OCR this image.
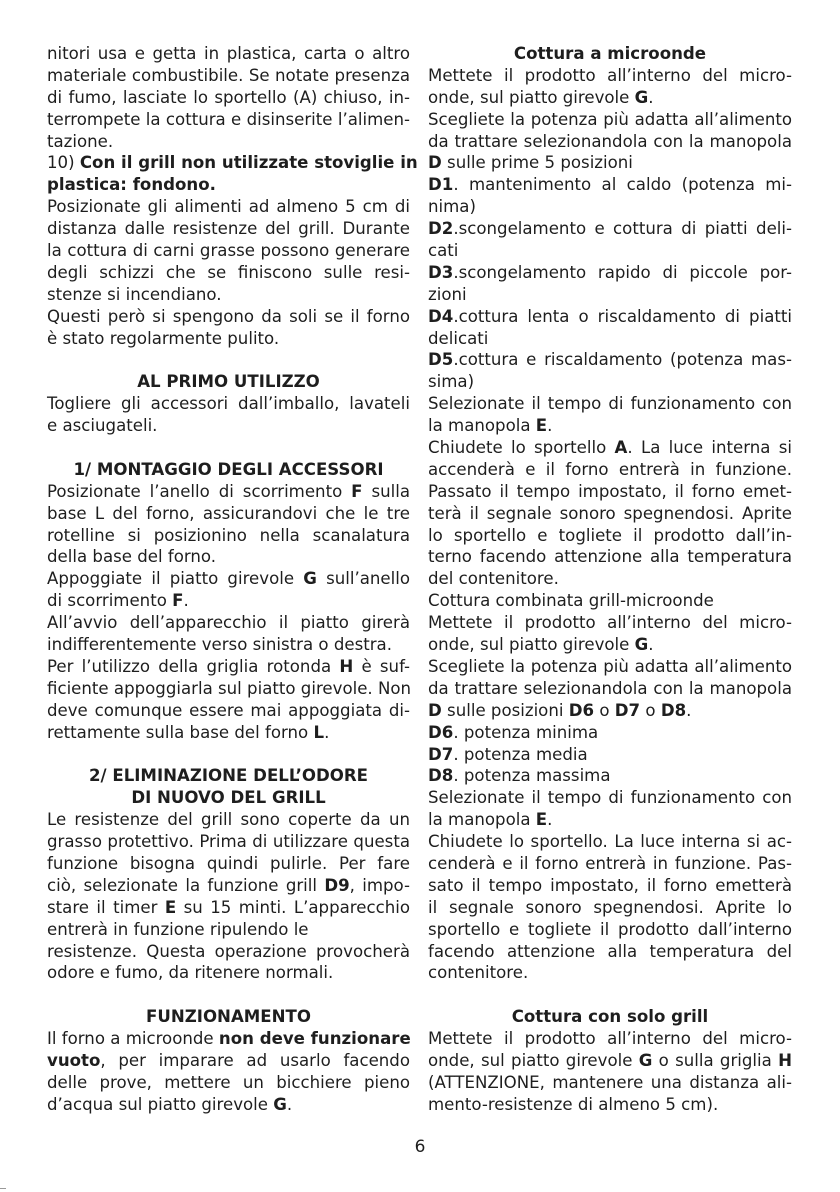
nitori usa e getta in plastica, carta o altro
materiale combustibile. Se notate presenza
di fumo, lasciate lo sportello (A) chiuso, in-
terrompete la cottura e disinserite l’alimen-
tazione.
10) Con il grill non utilizzate stoviglie in
plastica: fondono.
Posizionate gli alimenti ad almeno 5 cm di
distanza dalle resistenze del grill. Durante
la cottura di carni grasse possono generare
degli schizzi che se finiscono sulle resi-
stenze si incendiano.
Questi però si spengono da soli se il forno
è stato regolarmente pulito.
AL PRIMO UTILIZZO
Togliere gli accessori dall’imballo, lavateli
e asciugateli.
1/ MONTAGGIO DEGLI ACCESSORI
Posizionate l’anello di scorrimento F sulla
base L del forno, assicurandovi che le tre
rotelline si posizionino nella scanalatura
della base del forno.
Appoggiate il piatto girevole G sull’anello
di scorrimento F.
All’avvio dell’apparecchio il piatto girerà
indifferentemente verso sinistra o destra.
Per l’utilizzo della griglia rotonda H è suf-
ficiente appoggiarla sul piatto girevole. Non
deve comunque essere mai appoggiata di-
rettamente sulla base del forno L.
2/ ELIMINAZIONE DELL’ODORE
DI NUOVO DEL GRILL
Le resistenze del grill sono coperte da un
grasso protettivo. Prima di utilizzare questa
funzione bisogna quindi pulirle. Per fare
ciò, selezionate la funzione grill D9, impo-
stare il timer E su 15 minti. L’apparecchio
entrerà in funzione ripulendo le
resistenze. Questa operazione provocherà
odore e fumo, da ritenere normali.
FUNZIONAMENTO
Il forno a microonde non deve funzionare
vuoto, per imparare ad usarlo facendo
delle prove, mettere un bicchiere pieno
d’acqua sul piatto girevole G.
Cottura a microonde
Mettete il prodotto all’interno del micro-
onde, sul piatto girevole G.
Scegliete la potenza più adatta all’alimento
da trattare selezionandola con la manopola
D sulle prime 5 posizioni
D1. mantenimento al caldo (potenza mi-
nima)
D2.scongelamento e cottura di piatti deli-
cati
D3.scongelamento rapido di piccole por-
zioni
D4.cottura lenta o riscaldamento di piatti
delicati
D5.cottura e riscaldamento (potenza mas-
sima)
Selezionate il tempo di funzionamento con
la manopola E.
Chiudete lo sportello A. La luce interna si
accenderà e il forno entrerà in funzione.
Passato il tempo impostato, il forno emet-
terà il segnale sonoro spegnendosi. Aprite
lo sportello e togliete il prodotto dall’in-
terno facendo attenzione alla temperatura
del contenitore.
Cottura combinata grill-microonde
Mettete il prodotto all’interno del micro-
onde, sul piatto girevole G.
Scegliete la potenza più adatta all’alimento
da trattare selezionandola con la manopola
D sulle posizioni D6 o D7 o D8.
D6. potenza minima
D7. potenza media
D8. potenza massima
Selezionate il tempo di funzionamento con
la manopola E.
Chiudete lo sportello. La luce interna si ac-
cenderà e il forno entrerà in funzione. Pas-
sato il tempo impostato, il forno emetterà
il segnale sonoro spegnendosi. Aprite lo
sportello e togliete il prodotto dall’interno
facendo attenzione alla temperatura del
contenitore.
Cottura con solo grill
Mettete il prodotto all’interno del micro-
onde, sul piatto girevole G o sulla griglia H
(ATTENZIONE, mantenere una distanza ali-
mento-resistenze di almeno 5 cm).
6
